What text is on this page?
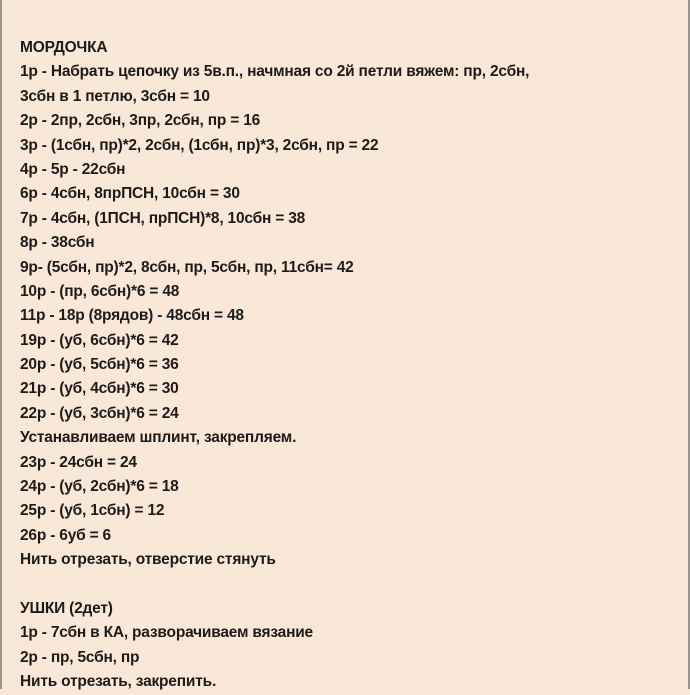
МОРДОЧКА
1р - Набрать цепочку из 5в.п., начмная со 2й петли вяжем: пр, 2сбн,
3сбн в 1 петлю, 3сбн = 10
2р - 2пр, 2сбн, 3пр, 2сбн, пр = 16
3р - (1сбн, пр)*2, 2сбн, (1сбн, пр)*3, 2сбн, пр = 22
4р - 5р - 22сбн
6р - 4сбн, 8прПСН, 10сбн = 30
7р - 4сбн, (1ПСН, прПСН)*8, 10сбн = 38
8р - 38сбн
9р- (5сбн, пр)*2, 8сбн, пр, 5сбн, пр, 11сбн= 42
10р - (пр, 6сбн)*6 = 48
11р - 18р (8рядов) - 48сбн = 48
19р - (уб, 6сбн)*6 = 42
20р - (уб, 5сбн)*6 = 36
21р - (уб, 4сбн)*6 = 30
22р - (уб, 3сбн)*6 = 24
Устанавливаем шплинт, закрепляем.
23р - 24сбн = 24
24р - (уб, 2сбн)*6 = 18
25р - (уб, 1сбн) = 12
26р - 6уб = 6
Нить отрезать, отверстие стянуть
УШКИ (2дет)
1р - 7сбн в КА, разворачиваем вязание
2р - пр, 5сбн, пр
Нить отрезать, закрепить.
